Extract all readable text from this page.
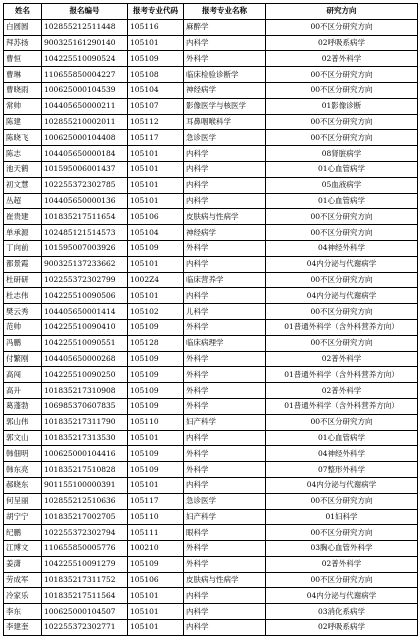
姓名	报名编号	报考专业代码	报考专业名称	研究方向
白圆圆	102855212511448	105116	麻醉学	00不区分研究方向
拜苏扬	900325161290140	105101	内科学	02呼吸系病学
曹恒	104225510090524	105109	外科学	02普外科学
曹琳	110655850004227	105108	临床检验诊断学	00不区分研究方向
曹晓雨	100625000104539	105104	神经病学	00不区分研究方向
常帅	104405650000211	105107	影像医学与核医学	01影像诊断
陈建	102855210002011	105112	耳鼻咽喉科学	00不区分研究方向
陈晓飞	100625000104408	105117	急诊医学	00不区分研究方向
陈志	104405650000184	105101	内科学	08肾脏病学
池天鹤	101595006001437	105101	内科学	01心血管病学
初文慧	102255372302785	105101	内科学	05血液病学
丛超	104405650000136	105101	内科学	01心血管病学
崔贵建	101835217511654	105106	皮肤病与性病学	00不区分研究方向
单承源	102485121514573	105104	神经病学	00不区分研究方向
丁向前	101595007003926	105109	外科学	04神经外科学
都景霞	900325137233662	105101	内科学	04内分泌与代谢病学
杜研研	102255372302799	1002Z4	临床营养学	00不区分研究方向
杜志伟	104225510090506	105101	内科学	04内分泌与代谢病学
樊云秀	104405650001414	105102	儿科学	00不区分研究方向
范帅	104225510090410	105109	外科学	01普通外科学（含外科营养方向）
冯鹏	104225510090551	105128	临床病理学	00不区分研究方向
付繁刚	104405650000268	105109	外科学	02普外科学
高闯	104225510090250	105109	外科学	01普通外科学（含外科营养方向）
高升	101835217310908	105109	外科学	02普外科学
葛蓬勃	106985370607835	105109	外科学	01普通外科学（含外科营养方向）
郭山伟	101835217311790	105110	妇产科学	00不区分研究方向
郭文山	101835217313530	105101	内科学	01心血管病学
韩佃明	100625000104416	105109	外科学	04神经外科学
韩东亮	101835217510828	105109	外科学	07整形外科学
郝晓东	901155100000391	105101	内科学	04内分泌与代谢病学
何呈丽	102855212510636	105117	急诊医学	00不区分研究方向
胡宁宁	101835217002705	105110	妇产科学	01妇科学
纪鹏	102255372302794	105111	眼科学	00不区分研究方向
江博文	110655850005776	100210	外科学	03胸心血管外科学
姜潇	104225510091279	105109	外科学	02普外科学
劳成军	101835217311752	105106	皮肤病与性病学	00不区分研究方向
冷家乐	101835217511564	105101	内科学	04内分泌与代谢病学
李东	100625000104507	105101	内科学	03消化系病学
李建奎	102255372302771	105101	内科学	02呼吸系病学
